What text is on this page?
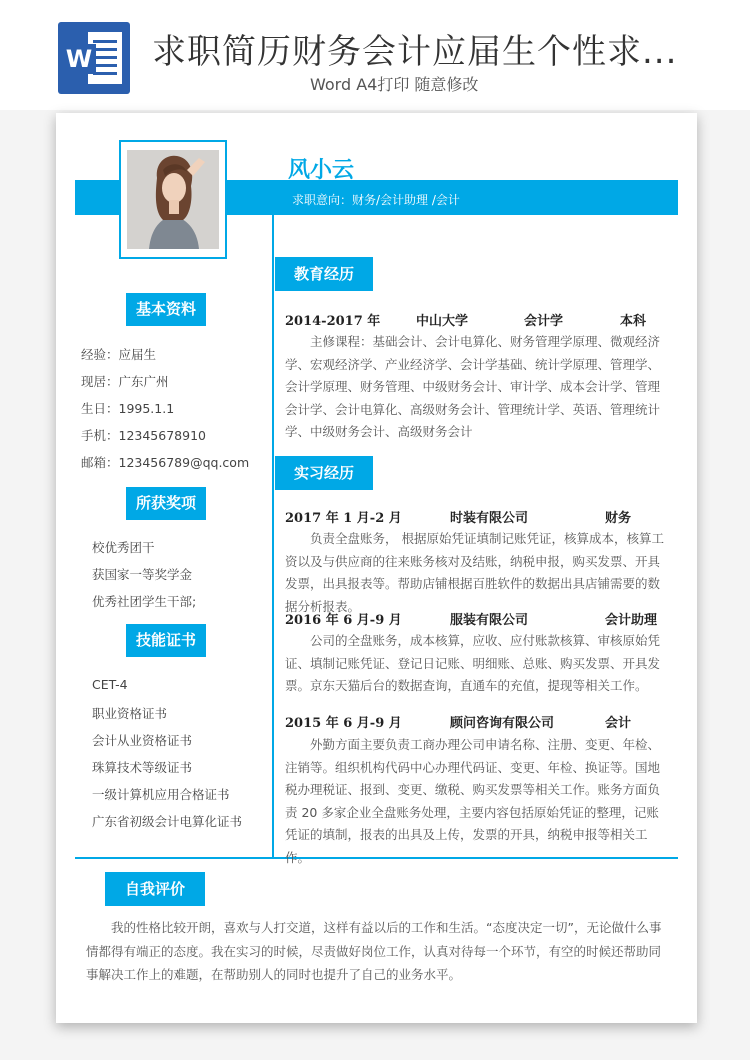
W 求职简历财务会计应届生个性求...
Word A4打印 随意修改
风小云
求职意向：财务/会计助理 /会计
基本资料
经验：应届生
现居：广东广州
生日：1995.1.1
手机：12345678910
邮箱：123456789@qq.com
所获奖项
校优秀团干
获国家一等奖学金
优秀社团学生干部;
技能证书
CET-4
职业资格证书
会计从业资格证书
珠算技术等级证书
一级计算机应用合格证书
广东省初级会计电算化证书
教育经历
2014-2017 年	中山大学	会计学	本科
主修课程：基础会计、会计电算化、财务管理学原理、微观经济学、宏观经济学、产业经济学、会计学基础、统计学原理、管理学、会计学原理、财务管理、中级财务会计、审计学、成本会计学、管理会计学、会计电算化、高级财务会计、管理统计学、英语、管理统计学、中级财务会计、高级财务会计
实习经历
2017 年 1 月-2 月	时装有限公司	财务
负责全盘账务， 根据原始凭证填制记账凭证，核算成本，核算工资以及与供应商的往来账务核对及结账，纳税申报，购买发票、开具发票，出具报表等。帮助店铺根据百胜软件的数据出具店铺需要的数据分析报表。
2016 年 6 月-9 月	服装有限公司	会计助理
公司的全盘账务，成本核算，应收、应付账款核算、审核原始凭证、填制记账凭证、登记日记账、明细账、总账、购买发票、开具发票。京东天猫后台的数据查询，直通车的充值，提现等相关工作。
2015 年 6 月-9 月	顾问咨询有限公司	会计
外勤方面主要负责工商办理公司申请名称、注册、变更、年检、注销等。组织机构代码中心办理代码证、变更、年检、换证等。国地税办理税证、报到、变更、缴税、购买发票等相关工作。账务方面负责 20 多家企业全盘账务处理，主要内容包括原始凭证的整理，记账凭证的填制，报表的出具及上传，发票的开具，纳税申报等相关工作。
自我评价
我的性格比较开朗，喜欢与人打交道，这样有益以后的工作和生活。“态度决定一切”，无论做什么事情都得有端正的态度。我在实习的时候，尽责做好岗位工作，认真对待每一个环节，有空的时候还帮助同事解决工作上的难题，在帮助别人的同时也提升了自己的业务水平。
